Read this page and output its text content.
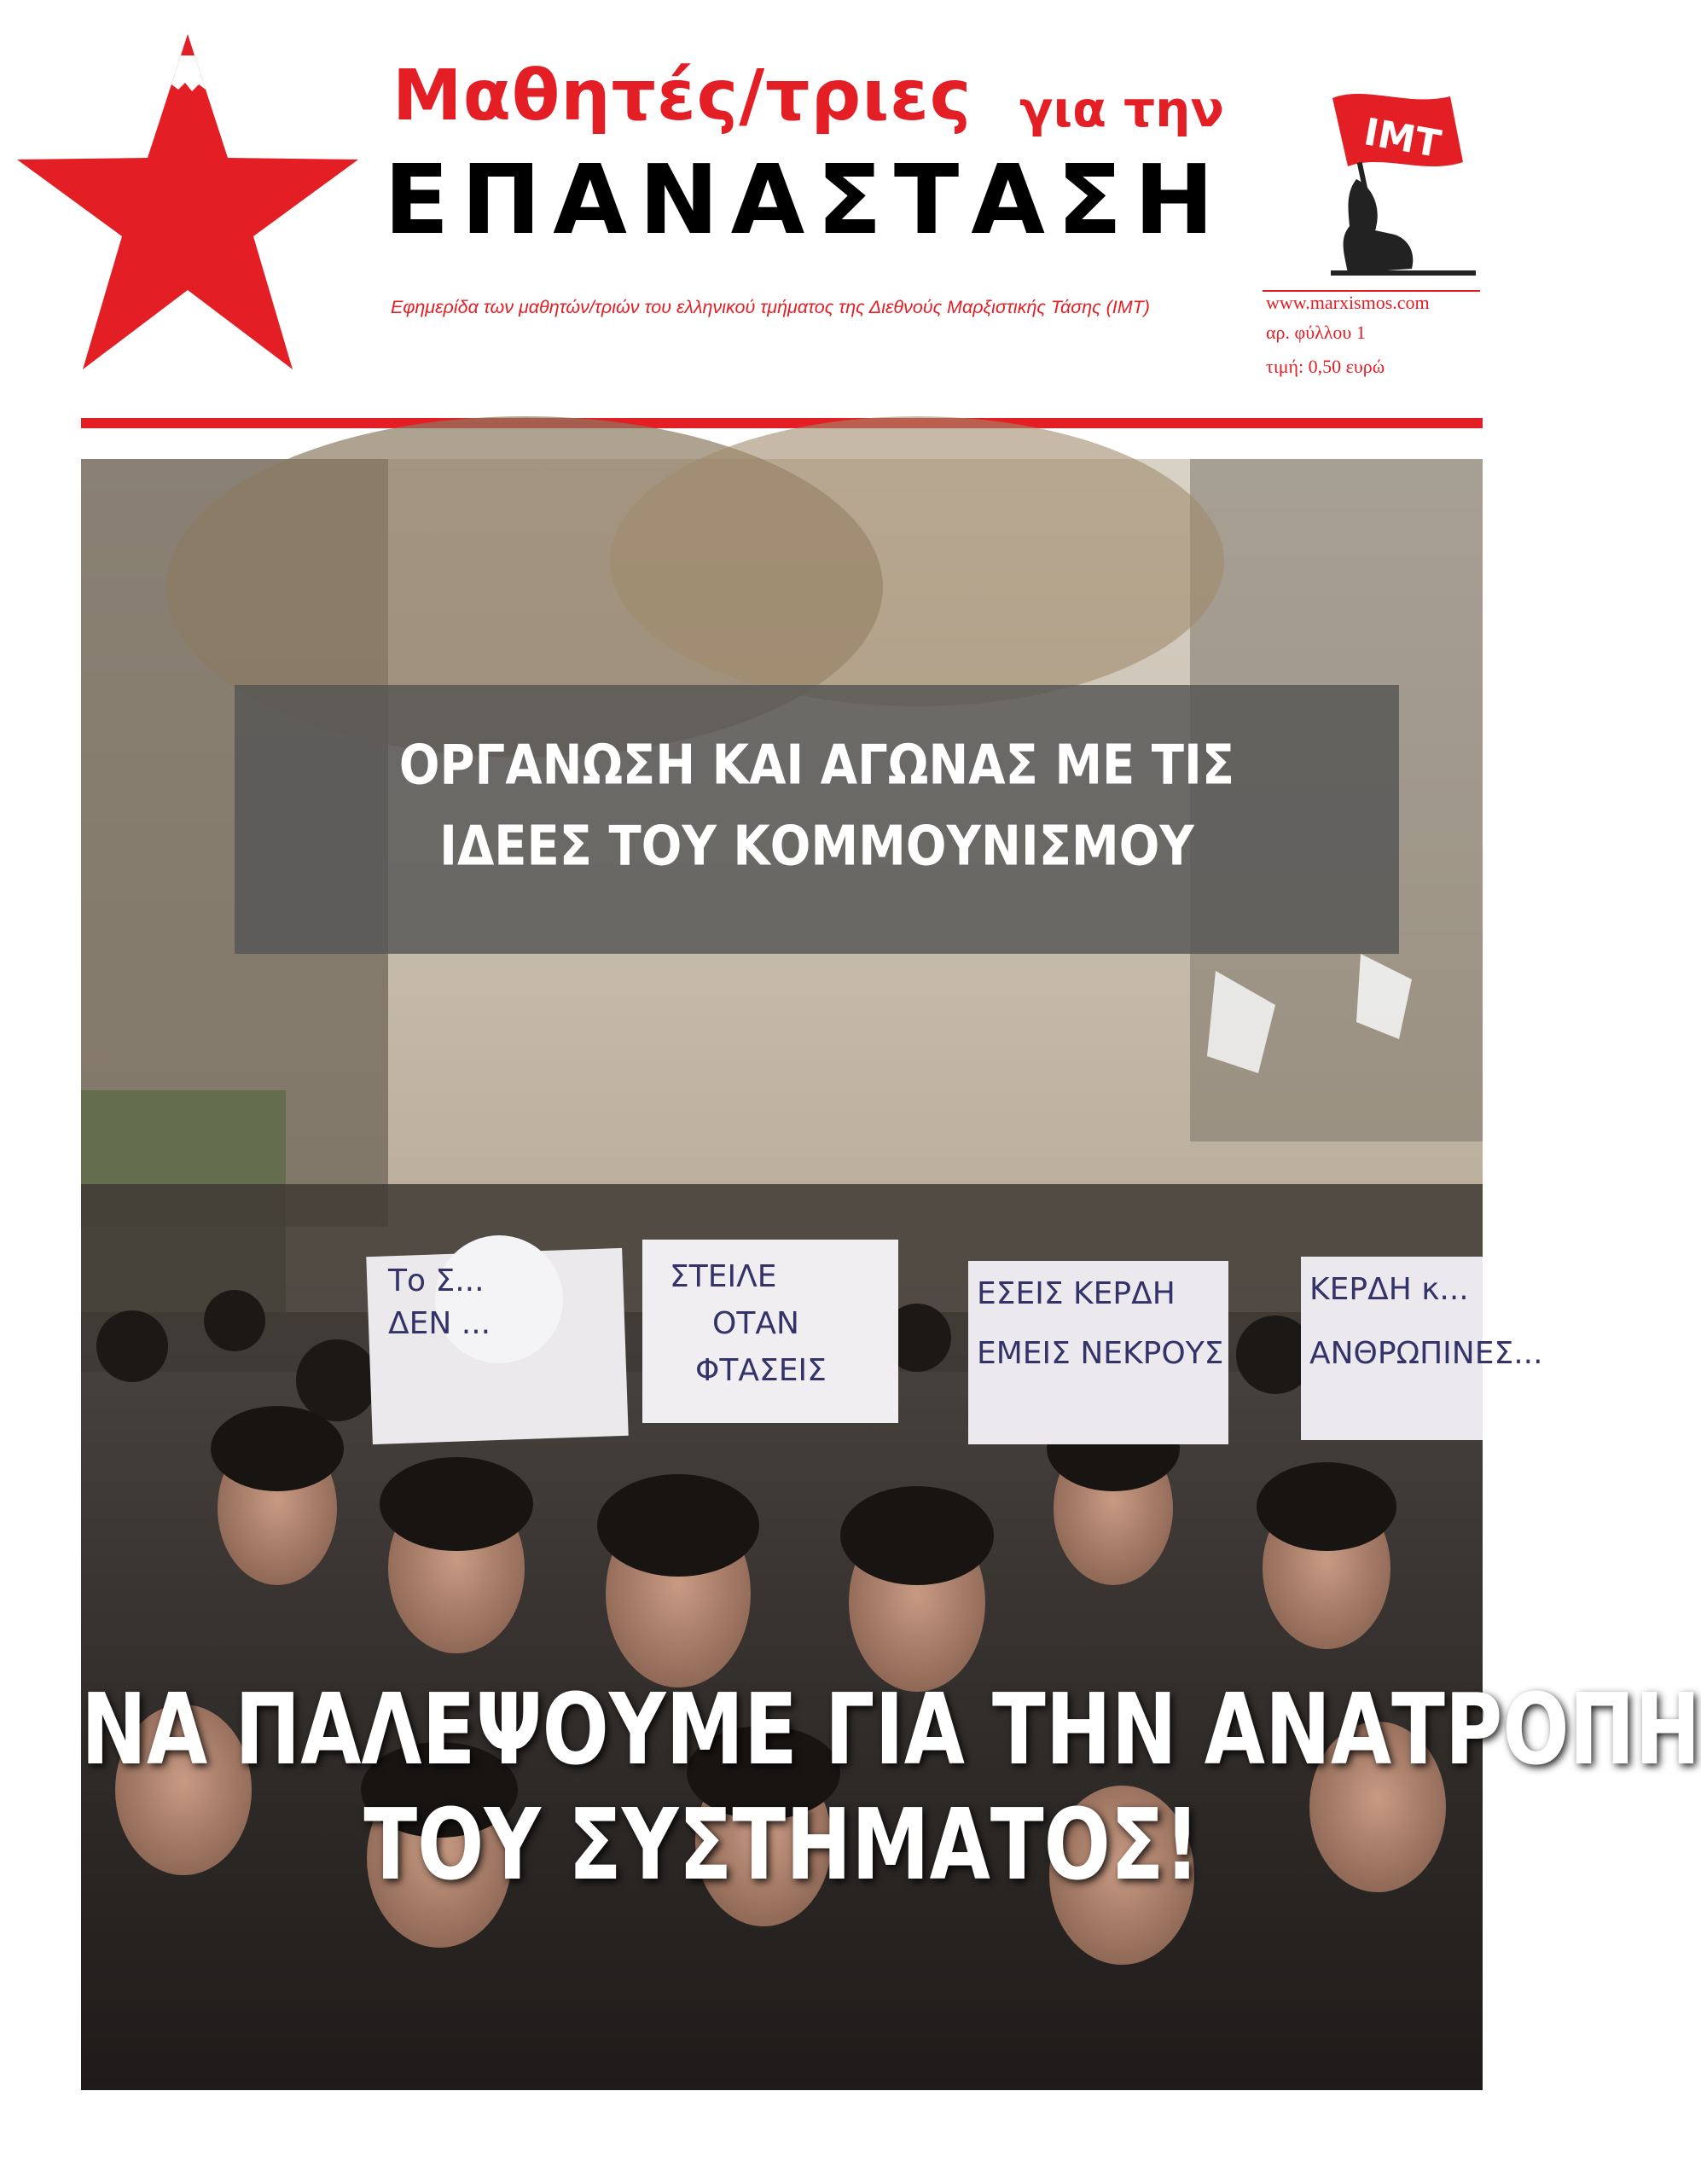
Μαθητές/τριες για την
ΕΠΑΝΑΣΤΑΣΗ
Εφημερίδα των μαθητών/τριών του ελληνικού τμήματος της Διεθνούς Μαρξιστικής Τάσης (IMT)
IMT
www.marxismos.com
αρ. φύλλου 1
τιμή: 0,50 ευρώ
Το Σ...
ΔΕΝ ...
ΣΤΕΙΛΕ
ΟΤΑΝ
ΦΤΑΣΕΙΣ
ΕΣΕΙΣ ΚΕΡΔΗ
ΕΜΕΙΣ ΝΕΚΡΟΥΣ
ΚΕΡΔΗ κ...
ΑΝΘΡΩΠΙΝΕΣ...
ΟΡΓΑΝΩΣΗ ΚΑΙ ΑΓΩΝΑΣ ΜΕ ΤΙΣ
ΙΔΕΕΣ ΤΟΥ ΚΟΜΜΟΥΝΙΣΜΟΥ
ΝΑ ΠΑΛΕΨΟΥΜΕ ΓΙΑ ΤΗΝ ΑΝΑΤΡΟΠΗ
ΤΟΥ ΣΥΣΤΗΜΑΤΟΣ!
